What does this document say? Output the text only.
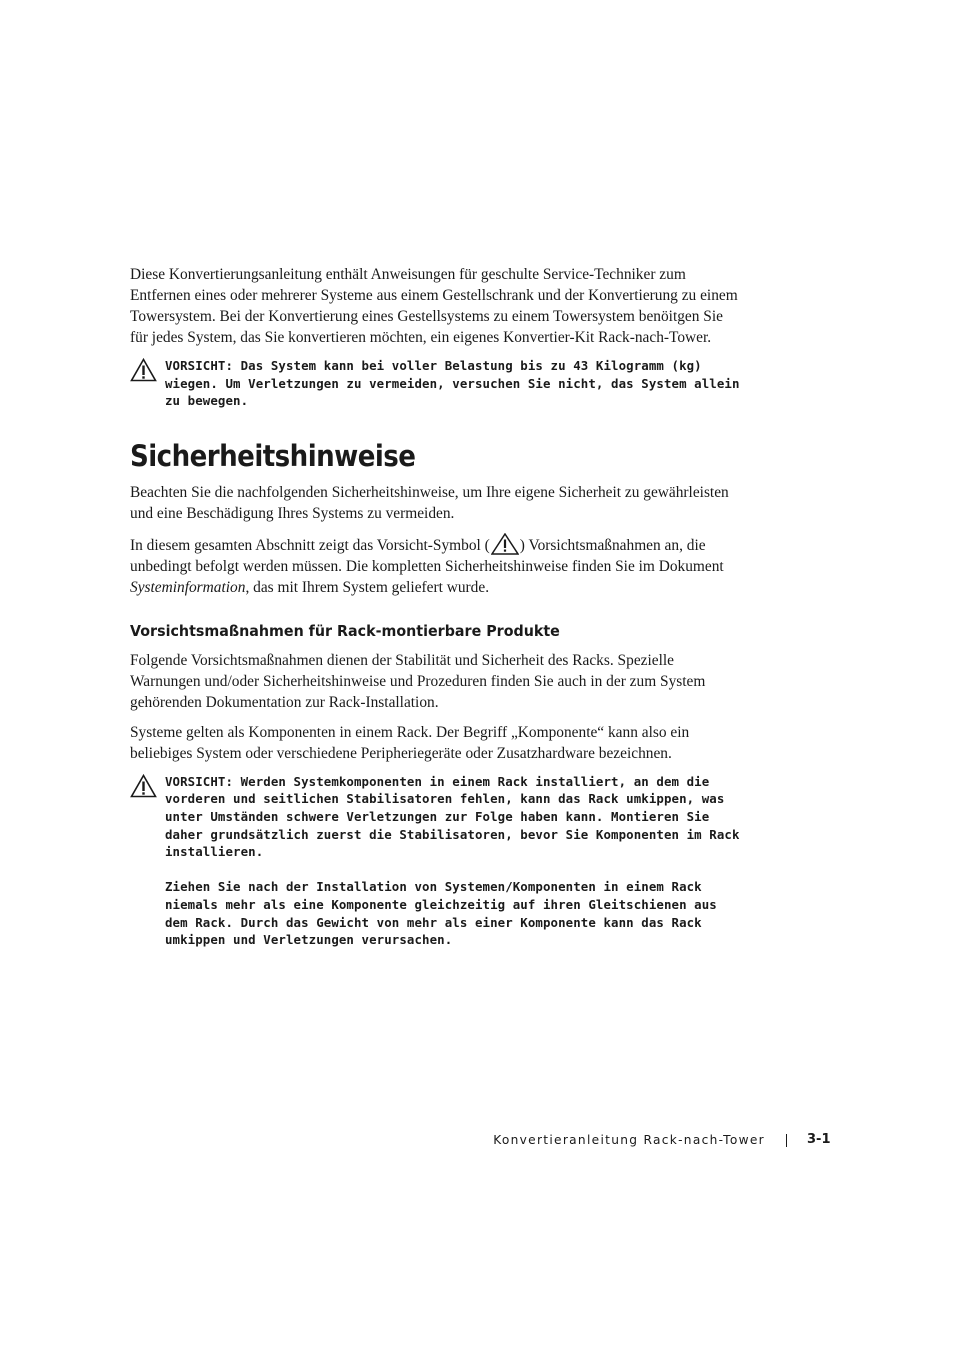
Diese Konvertierungsanleitung enthält Anweisungen für geschulte Service-Techniker zum Entfernen eines oder mehrerer Systeme aus einem Gestellschrank und der Konvertierung zu einem Towersystem. Bei der Konvertierung eines Gestellsystems zu einem Towersystem benöitgen Sie für jedes System, das Sie konvertieren möchten, ein eigenes Konvertier-Kit Rack-nach-Tower.

VORSICHT: Das System kann bei voller Belastung bis zu 43 Kilogramm (kg) wiegen. Um Verletzungen zu vermeiden, versuchen Sie nicht, das System allein zu bewegen.

Sicherheitshinweise

Beachten Sie die nachfolgenden Sicherheitshinweise, um Ihre eigene Sicherheit zu gewährleisten und eine Beschädigung Ihres Systems zu vermeiden.

In diesem gesamten Abschnitt zeigt das Vorsicht-Symbol ( ) Vorsichtsmaßnahmen an, die unbedingt befolgt werden müssen. Die kompletten Sicherheitshinweise finden Sie im Dokument Systeminformation, das mit Ihrem System geliefert wurde.

Vorsichtsmaßnahmen für Rack-montierbare Produkte

Folgende Vorsichtsmaßnahmen dienen der Stabilität und Sicherheit des Racks. Spezielle Warnungen und/oder Sicherheitshinweise und Prozeduren finden Sie auch in der zum System gehörenden Dokumentation zur Rack-Installation.

Systeme gelten als Komponenten in einem Rack. Der Begriff „Komponente“ kann also ein beliebiges System oder verschiedene Peripheriegeräte oder Zusatzhardware bezeichnen.

VORSICHT: Werden Systemkomponenten in einem Rack installiert, an dem die vorderen und seitlichen Stabilisatoren fehlen, kann das Rack umkippen, was unter Umständen schwere Verletzungen zur Folge haben kann. Montieren Sie daher grundsätzlich zuerst die Stabilisatoren, bevor Sie Komponenten im Rack installieren.

Ziehen Sie nach der Installation von Systemen/Komponenten in einem Rack niemals mehr als eine Komponente gleichzeitig auf ihren Gleitschienen aus dem Rack. Durch das Gewicht von mehr als einer Komponente kann das Rack umkippen und Verletzungen verursachen.

Konvertieranleitung Rack-nach-Tower	3-1
